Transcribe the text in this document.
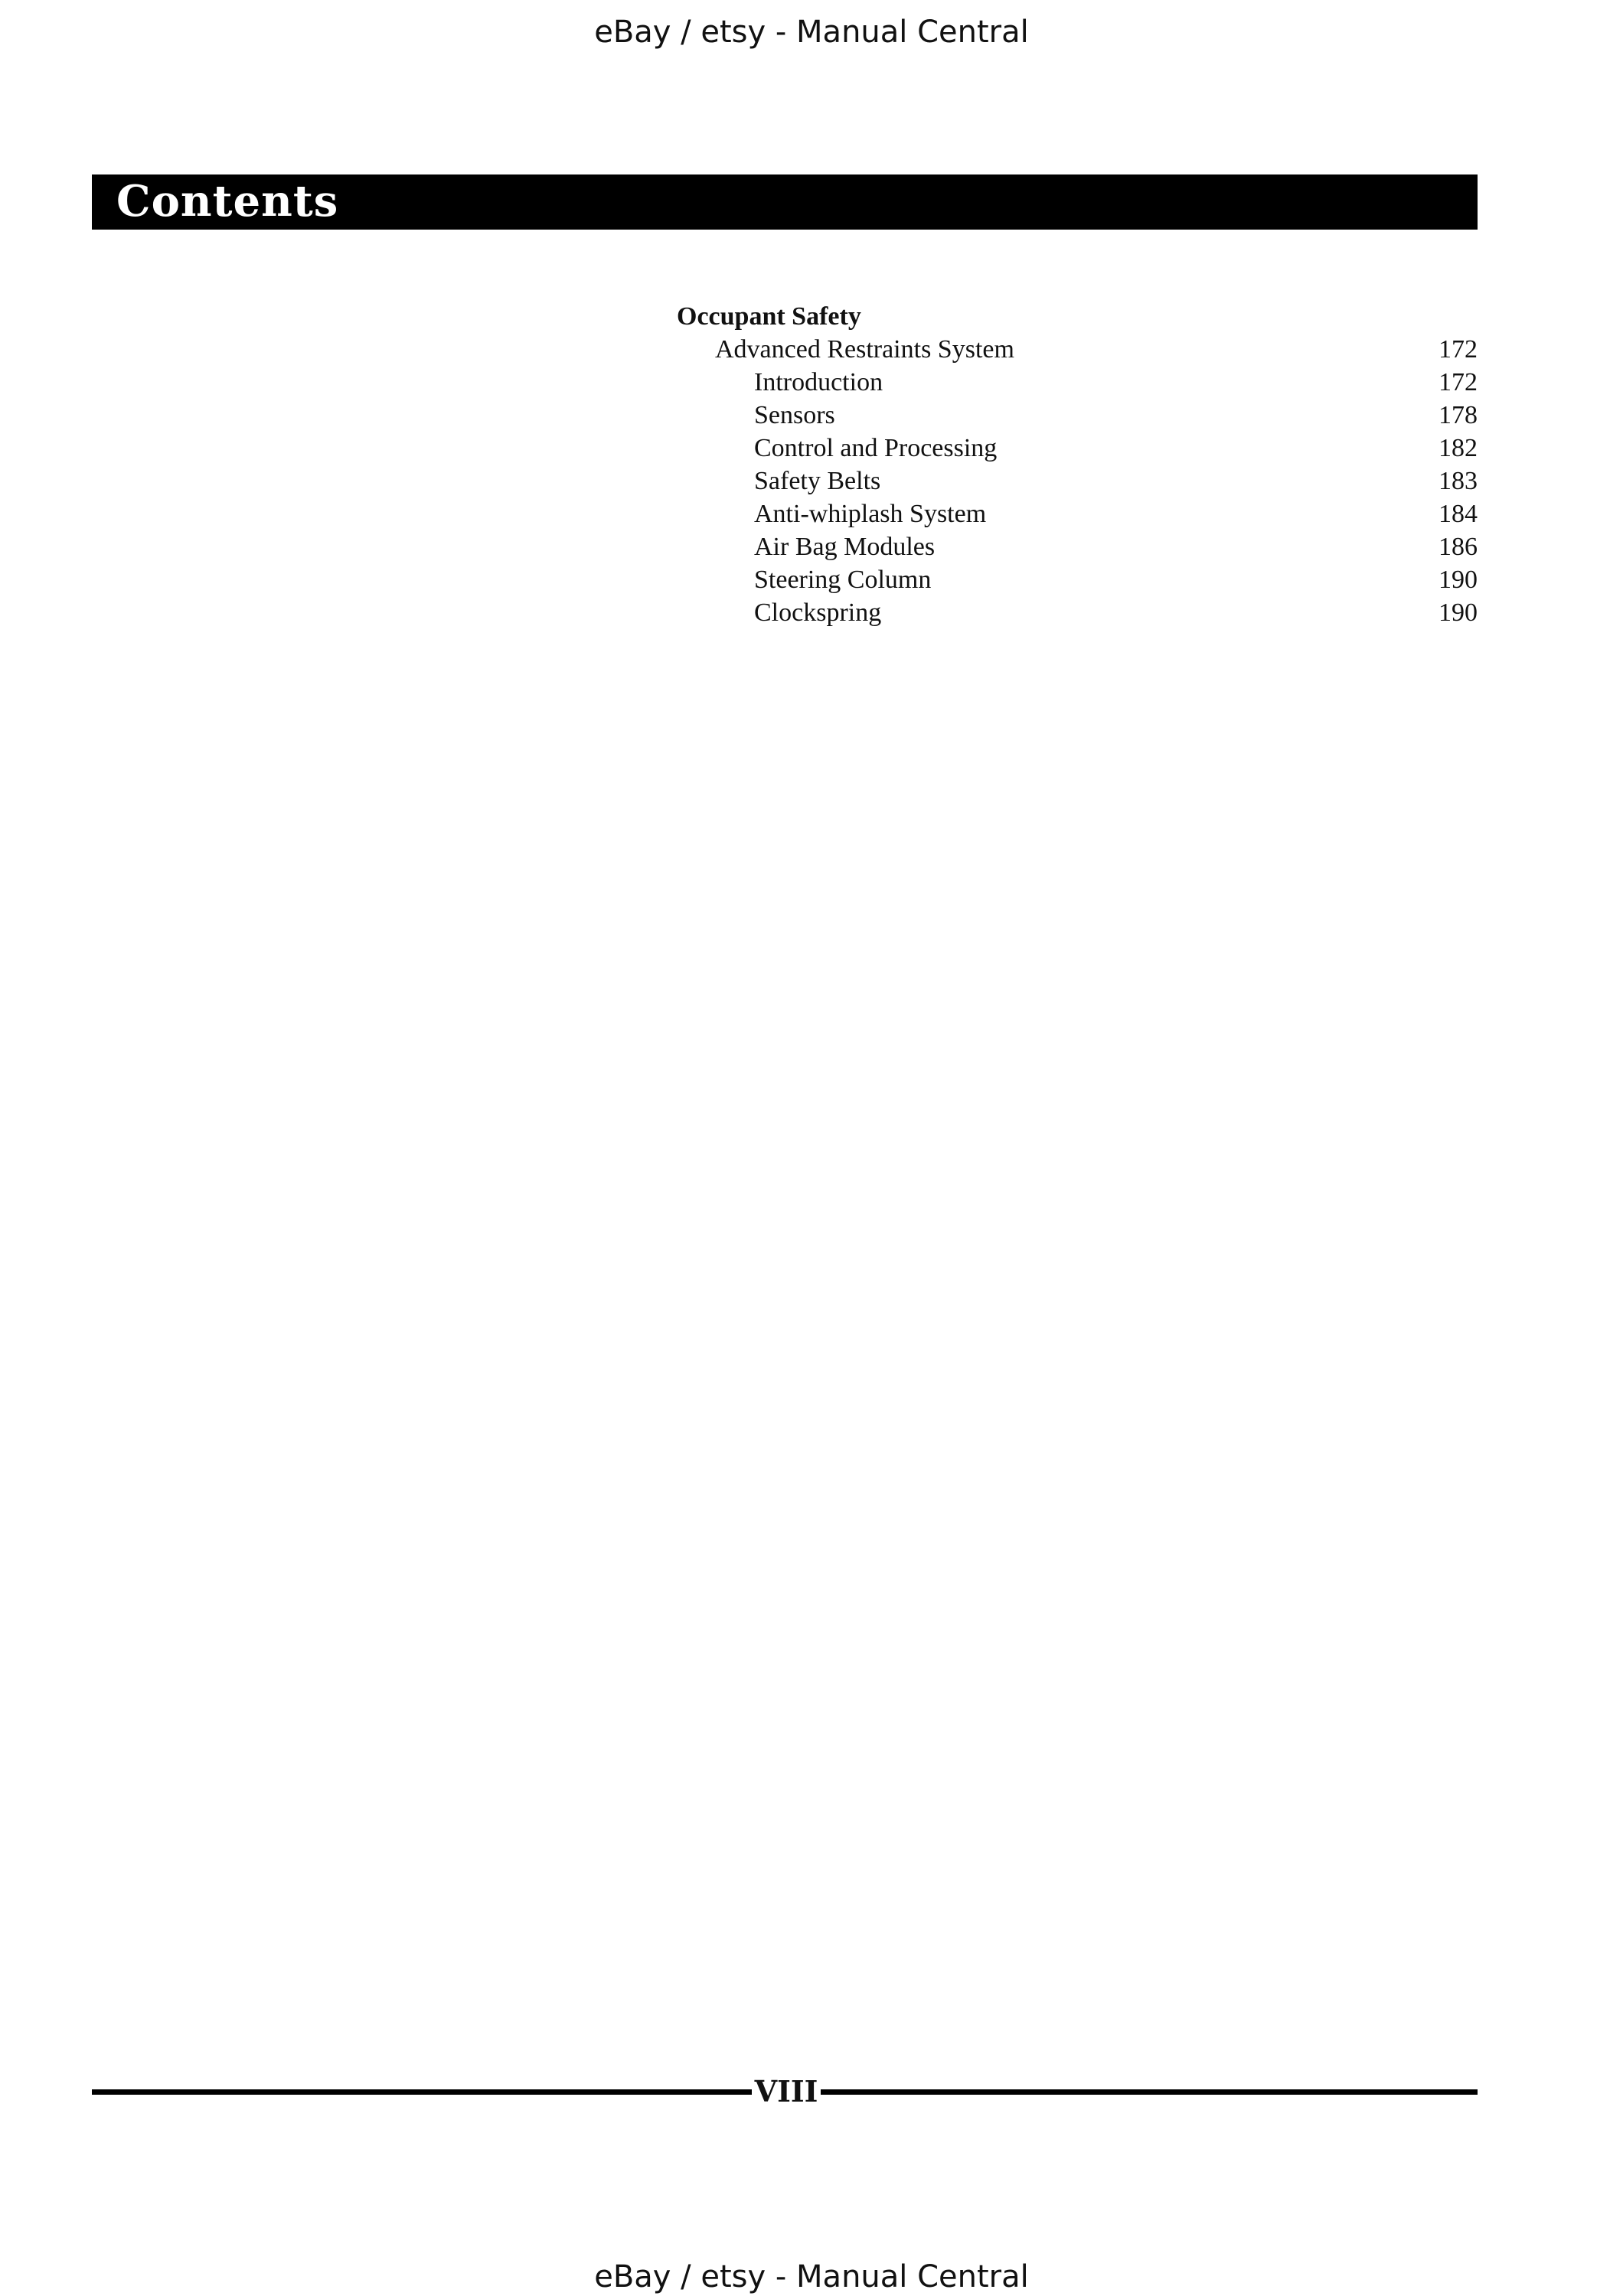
eBay / etsy - Manual Central
Contents
Occupant Safety
Advanced Restraints System	172
Introduction	172
Sensors	178
Control and Processing	182
Safety Belts	183
Anti-whiplash System	184
Air Bag Modules	186
Steering Column	190
Clockspring	190
VIII
eBay / etsy - Manual Central
